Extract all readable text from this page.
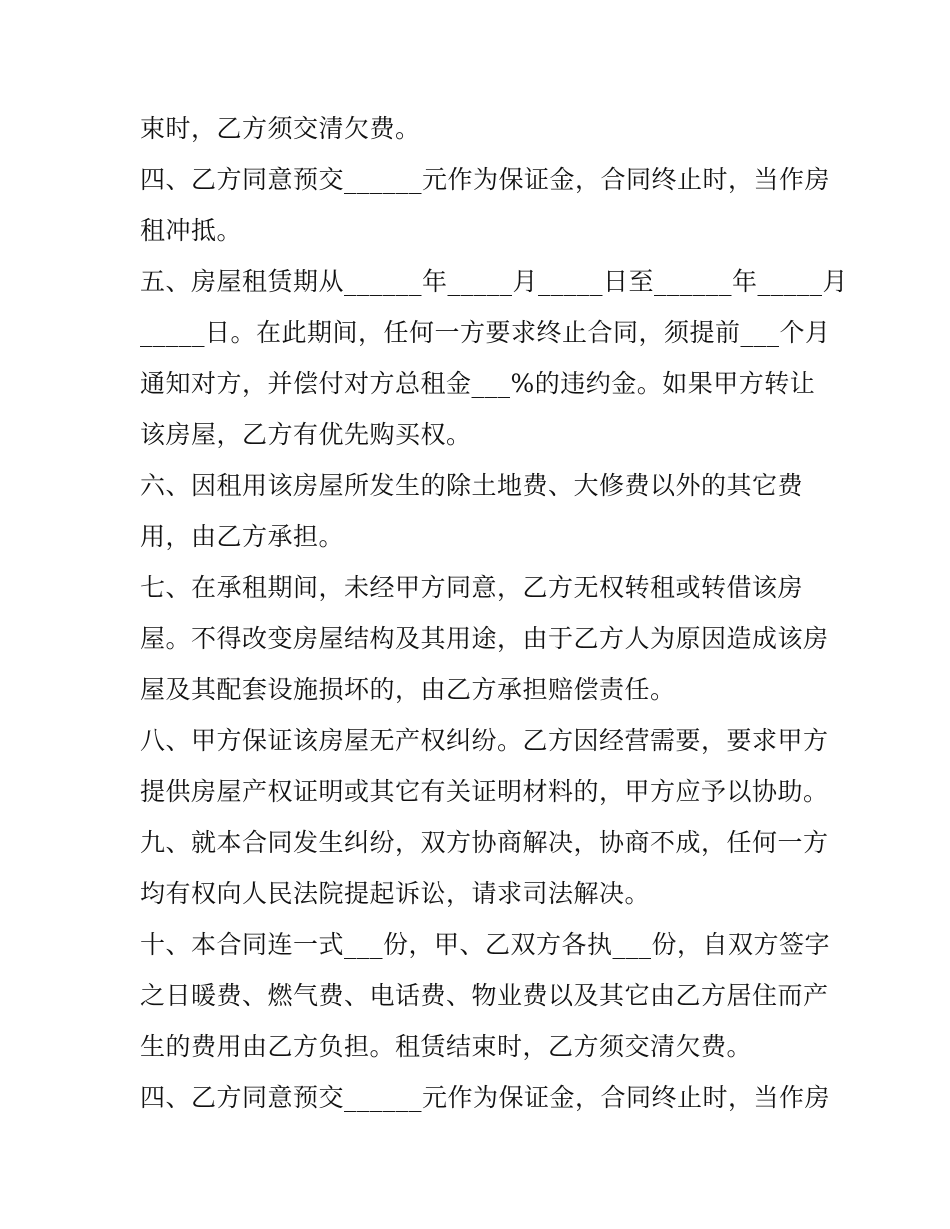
束时，乙方须交清欠费。
四、乙方同意预交______元作为保证金，合同终止时，当作房
租冲抵。
五、房屋租赁期从______年_____月_____日至______年_____月
_____日。在此期间，任何一方要求终止合同，须提前___个月
通知对方，并偿付对方总租金___%的违约金。如果甲方转让
该房屋，乙方有优先购买权。
六、因租用该房屋所发生的除土地费、大修费以外的其它费
用，由乙方承担。
七、在承租期间，未经甲方同意，乙方无权转租或转借该房
屋。不得改变房屋结构及其用途，由于乙方人为原因造成该房
屋及其配套设施损坏的，由乙方承担赔偿责任。
八、甲方保证该房屋无产权纠纷。乙方因经营需要，要求甲方
提供房屋产权证明或其它有关证明材料的，甲方应予以协助。
九、就本合同发生纠纷，双方协商解决，协商不成，任何一方
均有权向人民法院提起诉讼，请求司法解决。
十、本合同连一式___份，甲、乙双方各执___份，自双方签字
之日暖费、燃气费、电话费、物业费以及其它由乙方居住而产
生的费用由乙方负担。租赁结束时，乙方须交清欠费。
四、乙方同意预交______元作为保证金，合同终止时，当作房
